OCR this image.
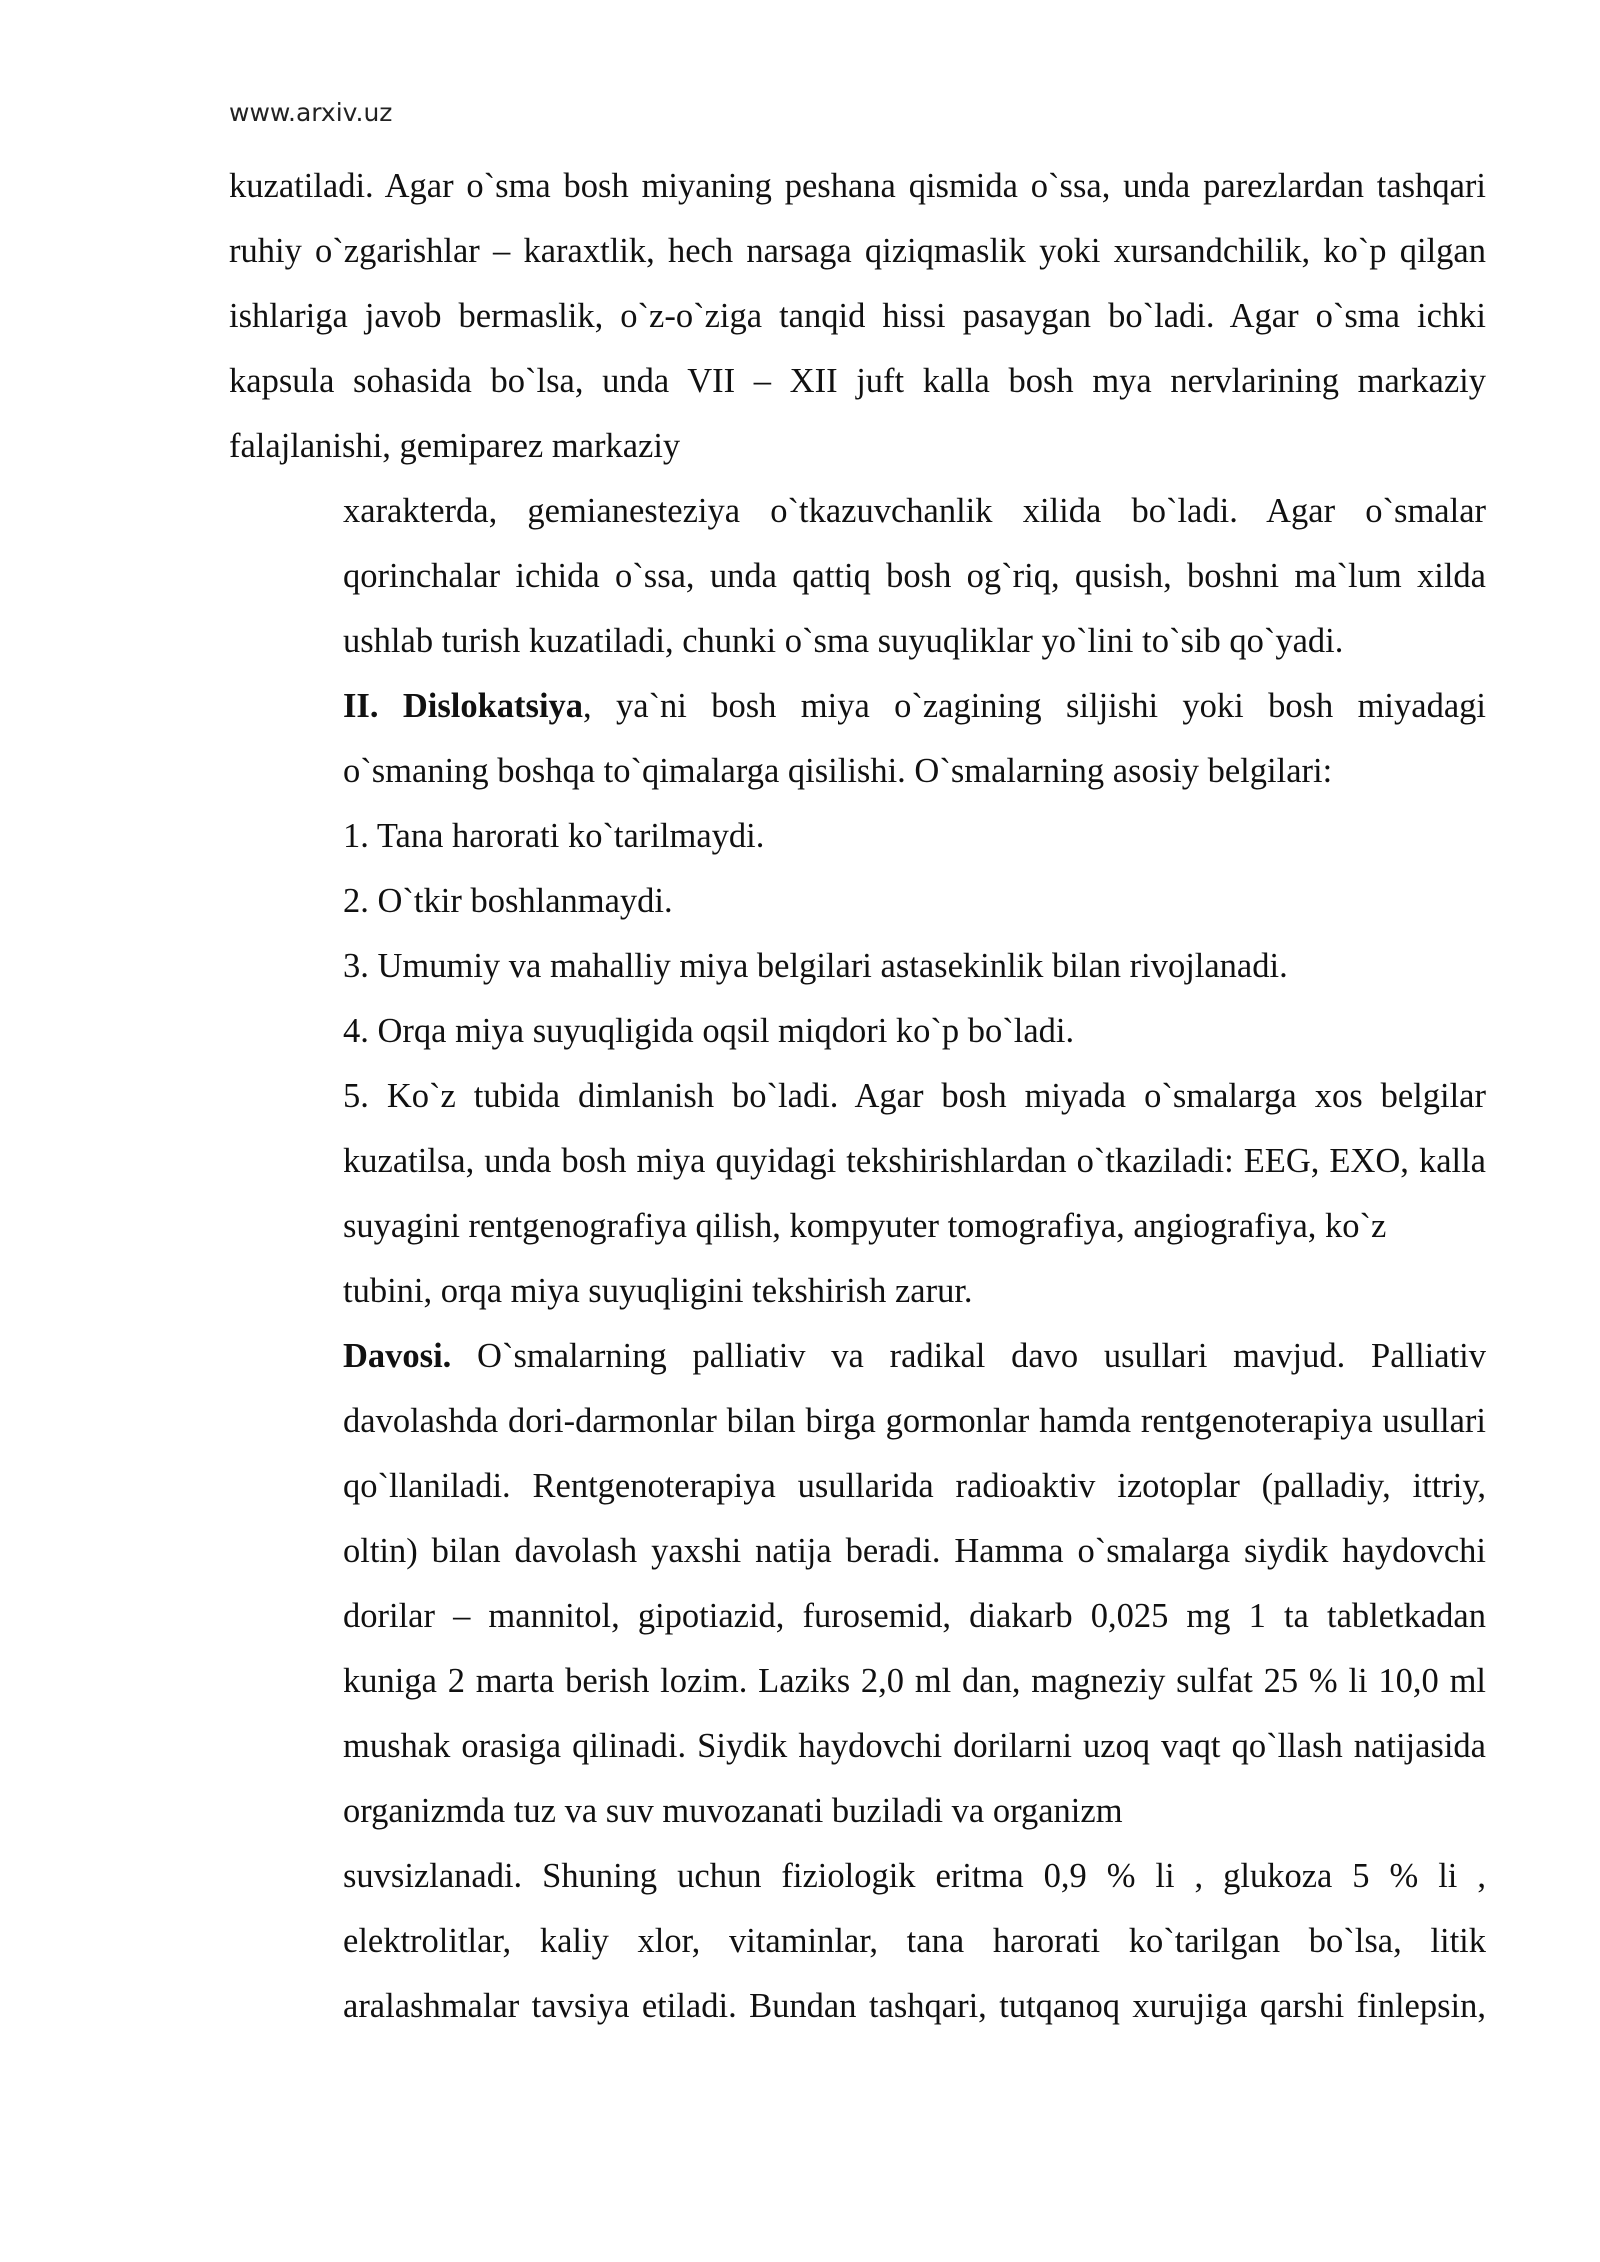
www.arxiv.uz

kuzatiladi. Agar o`sma bosh miyaning peshana qismida o`ssa, unda parezlardan tashqari ruhiy o`zgarishlar – karaxtlik, hech narsaga qiziqmaslik yoki xursandchilik, ko`p qilgan ishlariga javob bermaslik, o`z-o`ziga tanqid hissi pasaygan bo`ladi. Agar o`sma ichki kapsula sohasida bo`lsa, unda VII – XII juft kalla bosh mya nervlarining markaziy falajlanishi, gemiparez markaziy

xarakterda, gemianesteziya o`tkazuvchanlik xilida bo`ladi. Agar o`smalar qorinchalar ichida o`ssa, unda qattiq bosh og`riq, qusish, boshni ma`lum xilda ushlab turish kuzatiladi, chunki o`sma suyuqliklar yo`lini to`sib qo`yadi.

II. Dislokatsiya, ya`ni bosh miya o`zagining siljishi yoki bosh miyadagi o`smaning boshqa to`qimalarga qisilishi. O`smalarning asosiy belgilari:

1. Tana harorati ko`tarilmaydi.

2. O`tkir boshlanmaydi.

3. Umumiy va mahalliy miya belgilari astasekinlik bilan rivojlanadi.

4. Orqa miya suyuqligida oqsil miqdori ko`p bo`ladi.

5. Ko`z tubida dimlanish bo`ladi. Agar bosh miyada o`smalarga xos belgilar kuzatilsa, unda bosh miya quyidagi tekshirishlardan o`tkaziladi: EEG, EXO, kalla suyagini rentgenografiya qilish, kompyuter tomografiya, angiografiya, ko`z

tubini, orqa miya suyuqligini tekshirish zarur.

Davosi. O`smalarning palliativ va radikal davo usullari mavjud. Palliativ davolashda dori-darmonlar bilan birga gormonlar hamda rentgenoterapiya usullari qo`llaniladi. Rentgenoterapiya usullarida radioaktiv izotoplar (palladiy, ittriy, oltin) bilan davolash yaxshi natija beradi. Hamma o`smalarga siydik haydovchi dorilar – mannitol, gipotiazid, furosemid, diakarb 0,025 mg 1 ta tabletkadan kuniga 2 marta berish lozim. Laziks 2,0 ml dan, magneziy sulfat 25 % li 10,0 ml mushak orasiga qilinadi. Siydik haydovchi dorilarni uzoq vaqt qo`llash natijasida organizmda tuz va suv muvozanati buziladi va organizm

suvsizlanadi. Shuning uchun fiziologik eritma 0,9 % li , glukoza 5 % li , elektrolitlar, kaliy xlor, vitaminlar, tana harorati ko`tarilgan bo`lsa, litik aralashmalar tavsiya etiladi. Bundan tashqari, tutqanoq xurujiga qarshi finlepsin,
